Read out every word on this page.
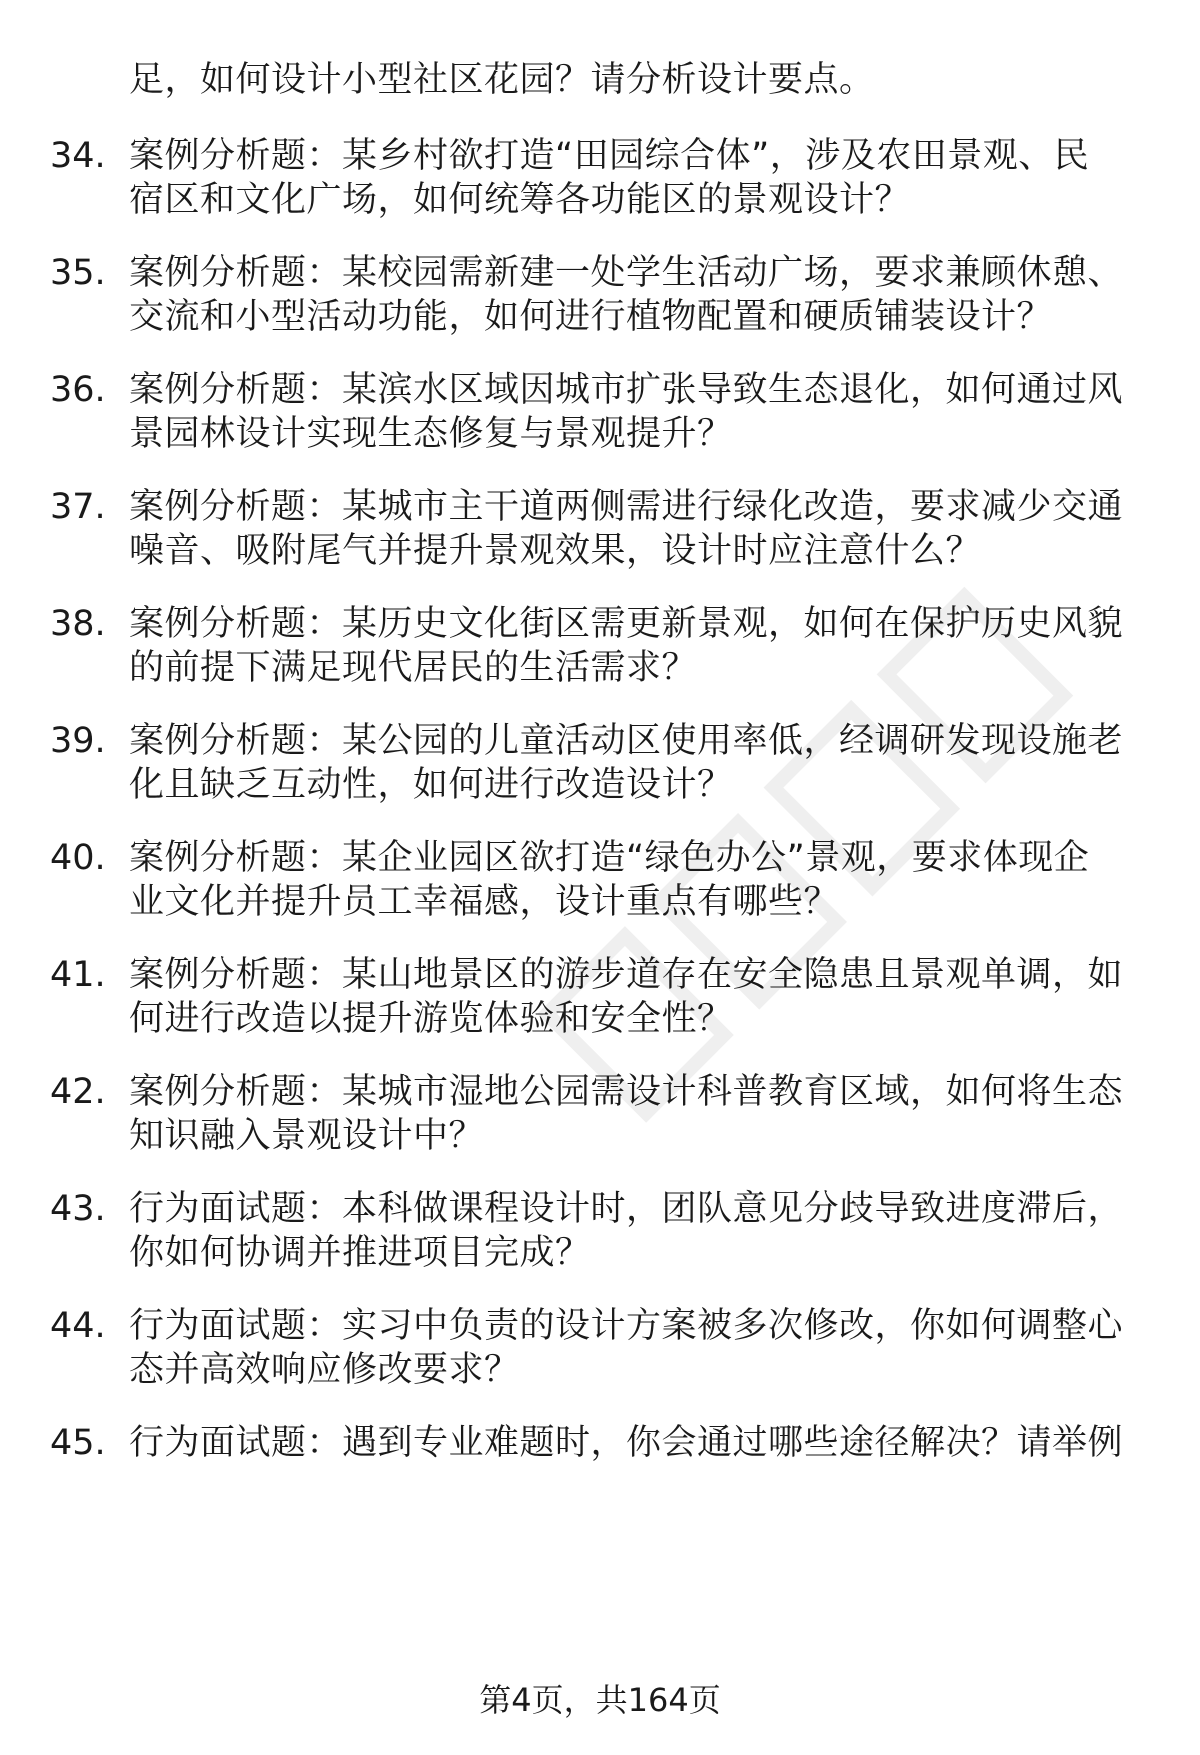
足，如何设计小型社区花园？请分析设计要点。
34. 案例分析题：某乡村欲打造“田园综合体”，涉及农田景观、民
宿区和文化广场，如何统筹各功能区的景观设计？
35. 案例分析题：某校园需新建一处学生活动广场，要求兼顾休憩、
交流和小型活动功能，如何进行植物配置和硬质铺装设计？
36. 案例分析题：某滨水区域因城市扩张导致生态退化，如何通过风
景园林设计实现生态修复与景观提升？
37. 案例分析题：某城市主干道两侧需进行绿化改造，要求减少交通
噪音、吸附尾气并提升景观效果，设计时应注意什么？
38. 案例分析题：某历史文化街区需更新景观，如何在保护历史风貌
的前提下满足现代居民的生活需求？
39. 案例分析题：某公园的儿童活动区使用率低，经调研发现设施老
化且缺乏互动性，如何进行改造设计？
40. 案例分析题：某企业园区欲打造“绿色办公”景观，要求体现企
业文化并提升员工幸福感，设计重点有哪些？
41. 案例分析题：某山地景区的游步道存在安全隐患且景观单调，如
何进行改造以提升游览体验和安全性？
42. 案例分析题：某城市湿地公园需设计科普教育区域，如何将生态
知识融入景观设计中？
43. 行为面试题：本科做课程设计时，团队意见分歧导致进度滞后，
你如何协调并推进项目完成？
44. 行为面试题：实习中负责的设计方案被多次修改，你如何调整心
态并高效响应修改要求？
45. 行为面试题：遇到专业难题时，你会通过哪些途径解决？请举例
第4页，共164页
